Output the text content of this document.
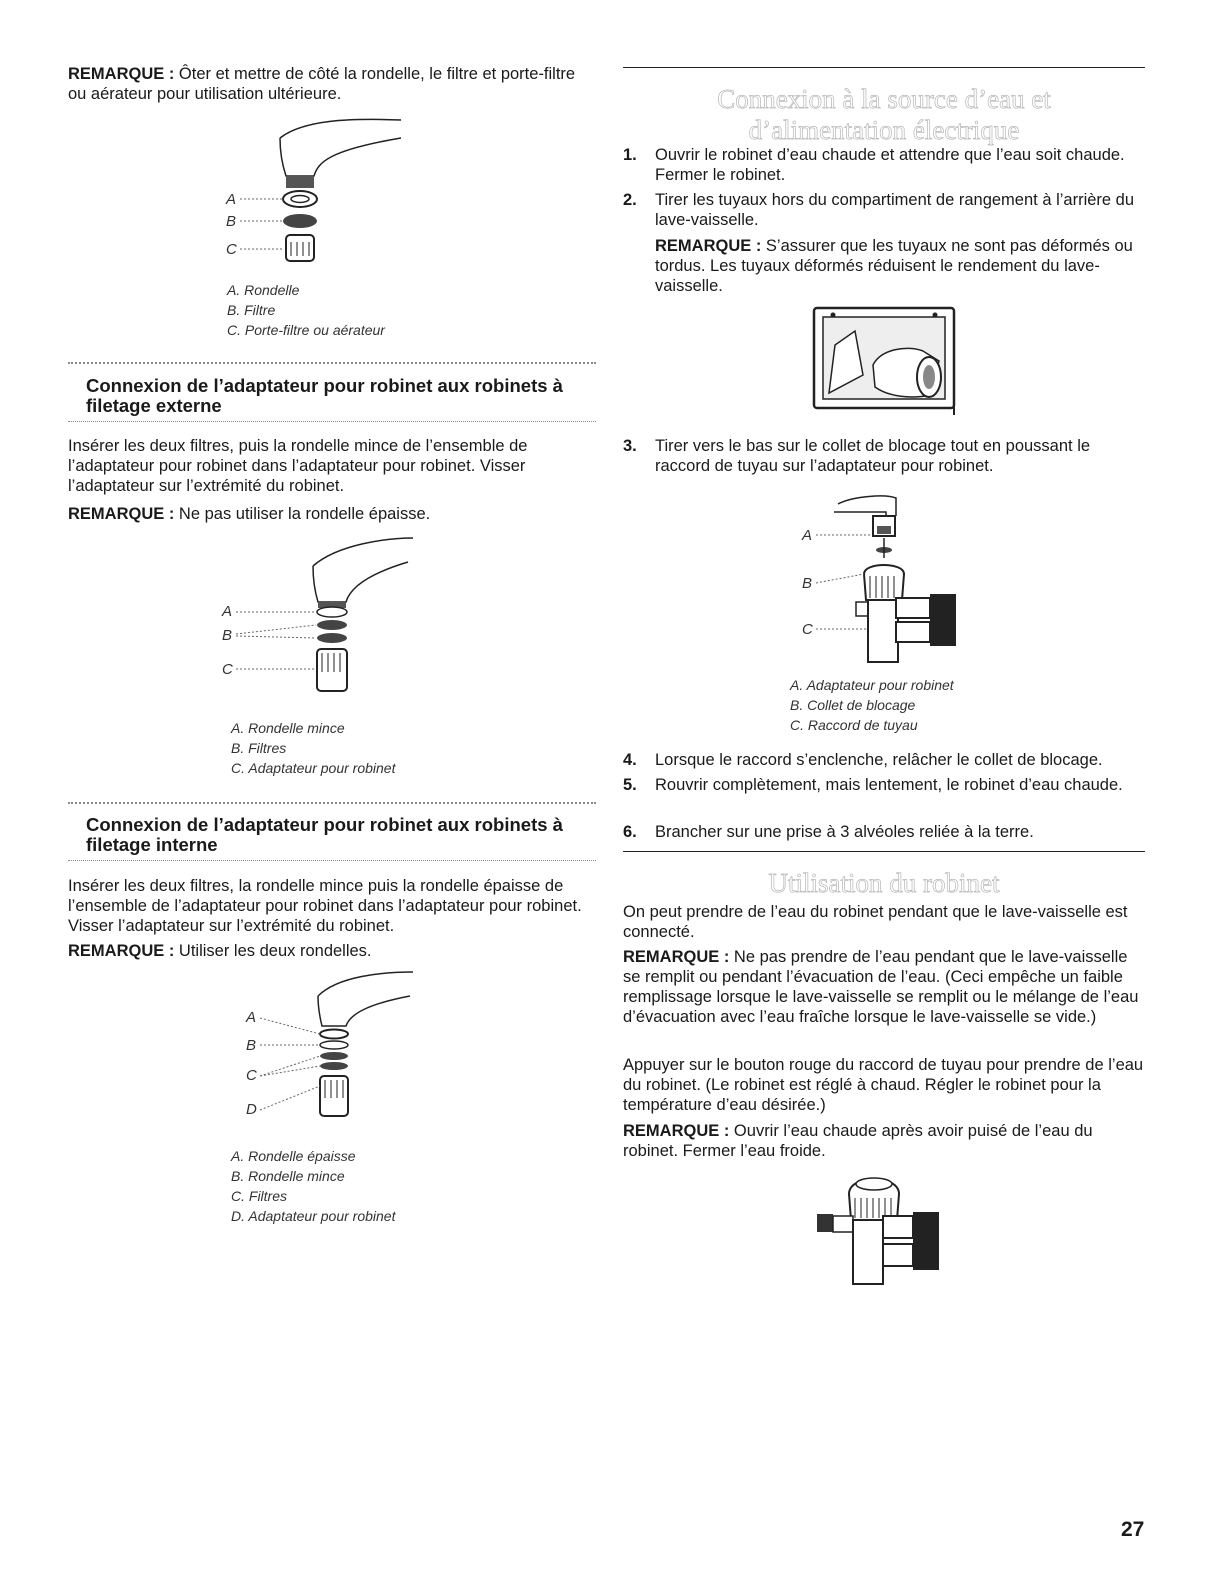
REMARQUE : Ôter et mettre de côté la rondelle, le filtre et porte-filtre ou aérateur pour utilisation ultérieure.

A
B
C
A. Rondelle
B. Filtre
C. Porte-filtre ou aérateur
Connexion de l’adaptateur pour robinet aux robinets à filetage externe

Insérer les deux filtres, puis la rondelle mince de l’ensemble de l’adaptateur pour robinet dans l’adaptateur pour robinet. Visser l’adaptateur sur l’extrémité du robinet.

REMARQUE : Ne pas utiliser la rondelle épaisse.

A
B
C
A. Rondelle mince
B. Filtres
C. Adaptateur pour robinet
Connexion de l’adaptateur pour robinet aux robinets à filetage interne

Insérer les deux filtres, la rondelle mince puis la rondelle épaisse de l’ensemble de l’adaptateur pour robinet dans l’adaptateur pour robinet. Visser l’adaptateur sur l’extrémité du robinet.

REMARQUE : Utiliser les deux rondelles.

A
B
C
D
A. Rondelle épaisse
B. Rondelle mince
C. Filtres
D. Adaptateur pour robinet
Connexion à la source d’eau et
d’alimentation électrique
1. Ouvrir le robinet d’eau chaude et attendre que l’eau soit chaude. Fermer le robinet.

2. Tirer les tuyaux hors du compartiment de rangement à l’arrière du lave-vaisselle.

REMARQUE : S’assurer que les tuyaux ne sont pas déformés ou tordus. Les tuyaux déformés réduisent le rendement du lave-vaisselle.

3. Tirer vers le bas sur le collet de blocage tout en poussant le raccord de tuyau sur l’adaptateur pour robinet.

A
B
C
A. Adaptateur pour robinet
B. Collet de blocage
C. Raccord de tuyau
4. Lorsque le raccord s’enclenche, relâcher le collet de blocage.

5. Rouvrir complètement, mais lentement, le robinet d’eau chaude.

6. Brancher sur une prise à 3 alvéoles reliée à la terre.

Utilisation du robinet

On peut prendre de l’eau du robinet pendant que le lave-vaisselle est connecté.

REMARQUE : Ne pas prendre de l’eau pendant que le lave-vaisselle se remplit ou pendant l’évacuation de l’eau. (Ceci empêche un faible remplissage lorsque le lave-vaisselle se remplit ou le mélange de l’eau d’évacuation avec l’eau fraîche lorsque le lave-vaisselle se vide.)

Appuyer sur le bouton rouge du raccord de tuyau pour prendre de l’eau du robinet. (Le robinet est réglé à chaud. Régler le robinet pour la température d’eau désirée.)

REMARQUE : Ouvrir l’eau chaude après avoir puisé de l’eau du robinet. Fermer l’eau froide.

27
